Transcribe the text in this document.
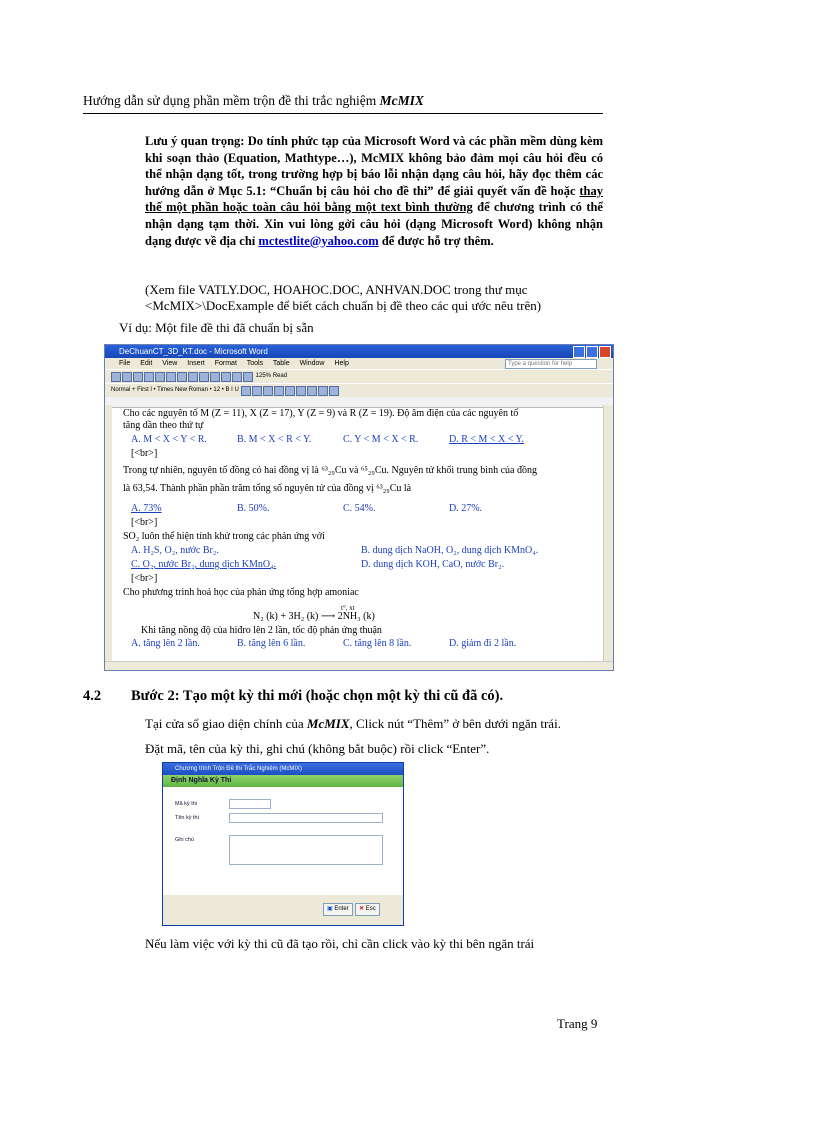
Hướng dẫn sử dụng phần mềm trộn đề thi trắc nghiệm McMIX
Lưu ý quan trọng: Do tính phức tạp của Microsoft Word và các phần mềm dùng kèm khi soạn thảo (Equation, Mathtype…), McMIX không bảo đảm mọi câu hỏi đều có thể nhận dạng tốt, trong trường hợp bị báo lỗi nhận dạng câu hỏi, hãy đọc thêm các hướng dẫn ở Mục 5.1: “Chuẩn bị câu hỏi cho đề thi” để giải quyết vấn đề hoặc thay thế một phần hoặc toàn câu hỏi bằng một text bình thường để chương trình có thể nhận dạng tạm thời. Xin vui lòng gởi câu hỏi (dạng Microsoft Word) không nhận dạng được về địa chỉ mctestlite@yahoo.com để được hỗ trợ thêm.
(Xem file VATLY.DOC, HOAHOC.DOC, ANHVAN.DOC trong thư mục <McMIX>\DocExample để biết cách chuẩn bị đề theo các qui ước nêu trên)
Ví dụ: Một file đề thi đã chuẩn bị sẵn
DeChuanCT_3D_KT.doc - Microsoft Word
File Edit View Insert Format Tools Table Window Help	Type a question for help
125% Read
Normal + First l • Times New Roman • 12 • B I U
Cho các nguyên tố M (Z = 11), X (Z = 17), Y (Z = 9) và R (Z = 19). Độ âm điện của các nguyên tố
tăng dần theo thứ tự
A. M < X < Y < R.	B. M < X < R < Y.	C. Y < M < X < R.	D. R < M < X < Y.
[<br>]
Trong tự nhiên, nguyên tố đồng có hai đồng vị là ⁶³₂₉Cu và ⁶⁵₂₉Cu. Nguyên tử khối trung bình của đồng
là 63,54. Thành phần phần trăm tổng số nguyên tử của đồng vị ⁶³₂₉Cu là
A. 73%	B. 50%.	C. 54%.	D. 27%.
[<br>]
SO₂ luôn thể hiện tính khử trong các phản ứng với
A. H₂S, O₂, nước Br₂.	B. dung dịch NaOH, O₂, dung dịch KMnO₄.
C. O₂, nước Br₂, dung dịch KMnO₄.	D. dung dịch KOH, CaO, nước Br₂.
[<br>]
Cho phương trình hoá học của phản ứng tổng hợp amoniac
t°, xt
N₂ (k) + 3H₂ (k) ⟶ 2NH₃ (k)
Khi tăng nồng độ của hiđro lên 2 lần, tốc độ phản ứng thuận
A. tăng lên 2 lần.	B. tăng lên 6 lần.	C. tăng lên 8 lần.	D. giảm đi 2 lần.
4.2 Bước 2: Tạo một kỳ thi mới (hoặc chọn một kỳ thi cũ đã có).
Tại cửa sổ giao diện chính của McMIX, Click nút “Thêm” ở bên dưới ngăn trái.
Đặt mã, tên của kỳ thi, ghi chú (không bắt buộc) rồi click “Enter”.
Chương trình Trộn Đề thi Trắc Nghiệm (McMIX)
Định Nghĩa Kỳ Thi
Mã kỳ thi
Tên kỳ thi
Ghi chú
▣ Enter	✕ Esc
Nếu làm việc với kỳ thi cũ đã tạo rồi, chỉ cần click vào kỳ thi bên ngăn trái
Trang 9
